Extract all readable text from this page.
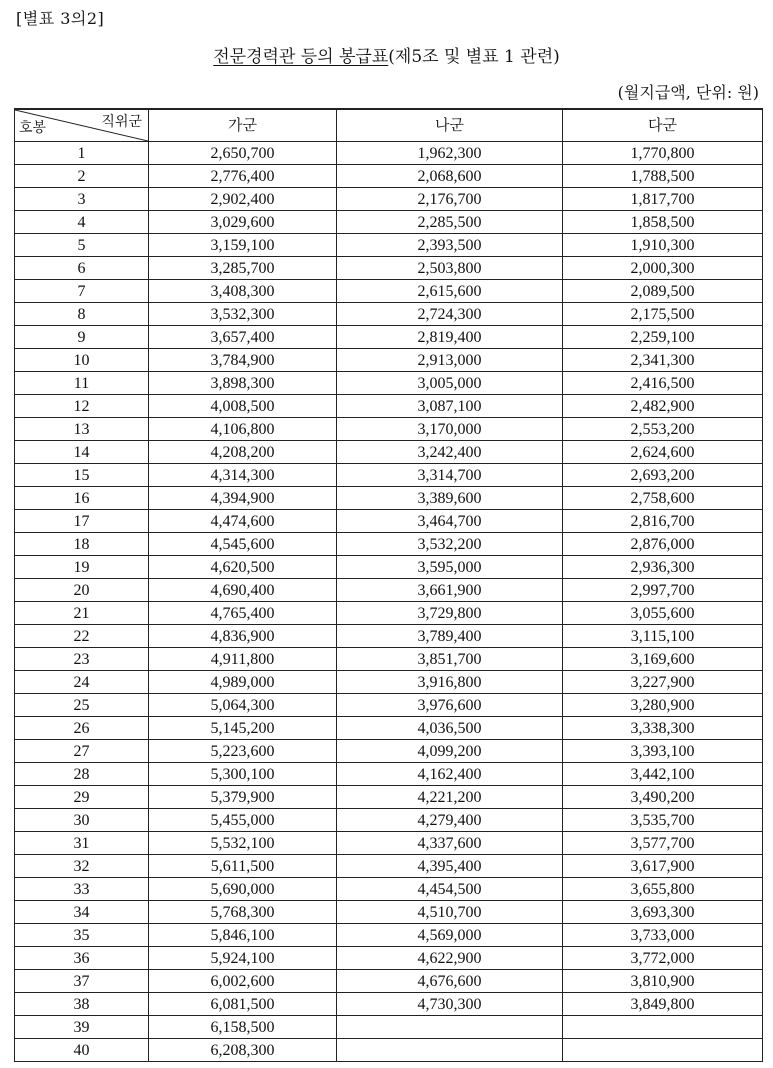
[별표 3의2]
전문경력관 등의 봉급표(제5조 및 별표 1 관련)
(월지급액, 단위: 원)
직위군
호봉	가군	나군	다군
1	2,650,700	1,962,300	1,770,800
2	2,776,400	2,068,600	1,788,500
3	2,902,400	2,176,700	1,817,700
4	3,029,600	2,285,500	1,858,500
5	3,159,100	2,393,500	1,910,300
6	3,285,700	2,503,800	2,000,300
7	3,408,300	2,615,600	2,089,500
8	3,532,300	2,724,300	2,175,500
9	3,657,400	2,819,400	2,259,100
10	3,784,900	2,913,000	2,341,300
11	3,898,300	3,005,000	2,416,500
12	4,008,500	3,087,100	2,482,900
13	4,106,800	3,170,000	2,553,200
14	4,208,200	3,242,400	2,624,600
15	4,314,300	3,314,700	2,693,200
16	4,394,900	3,389,600	2,758,600
17	4,474,600	3,464,700	2,816,700
18	4,545,600	3,532,200	2,876,000
19	4,620,500	3,595,000	2,936,300
20	4,690,400	3,661,900	2,997,700
21	4,765,400	3,729,800	3,055,600
22	4,836,900	3,789,400	3,115,100
23	4,911,800	3,851,700	3,169,600
24	4,989,000	3,916,800	3,227,900
25	5,064,300	3,976,600	3,280,900
26	5,145,200	4,036,500	3,338,300
27	5,223,600	4,099,200	3,393,100
28	5,300,100	4,162,400	3,442,100
29	5,379,900	4,221,200	3,490,200
30	5,455,000	4,279,400	3,535,700
31	5,532,100	4,337,600	3,577,700
32	5,611,500	4,395,400	3,617,900
33	5,690,000	4,454,500	3,655,800
34	5,768,300	4,510,700	3,693,300
35	5,846,100	4,569,000	3,733,000
36	5,924,100	4,622,900	3,772,000
37	6,002,600	4,676,600	3,810,900
38	6,081,500	4,730,300	3,849,800
39	6,158,500		
40	6,208,300		
